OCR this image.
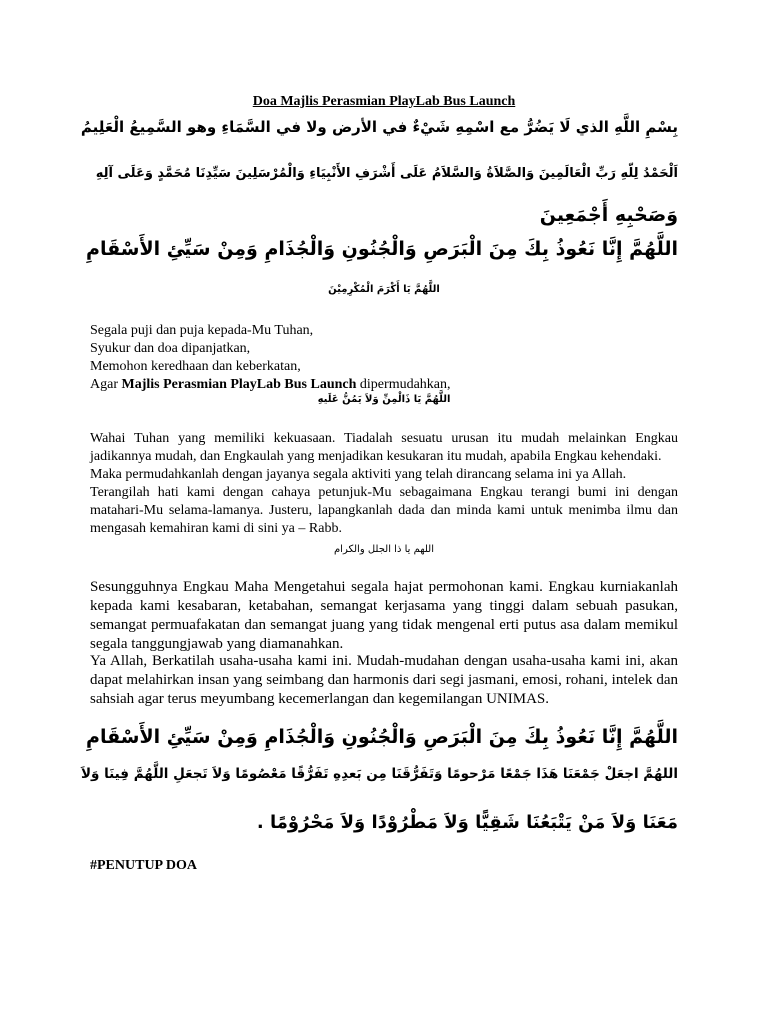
Doa Majlis Perasmian PlayLab Bus Launch
بِسْمِ اللَّهِ الذي لَا يَضُرُّ مع اسْمِهِ شَيْءٌ في الأرض ولا في السَّمَاءِ وهو السَّمِيعُ الْعَلِيمُ
اَلْحَمْدُ لِلّهِ رَبِّ الْعَالَمِينَ وَالصَّلاَةُ وَالسَّلاَمُ عَلَى أَشْرَفِ الأَنْبِيَاءِ وَالْمُرْسَلِينَ سَيِّدِنَا مُحَمَّدٍ وَعَلَى آلِهِ
وَصَحْبِهِ أَجْمَعِينَ
اللَّهُمَّ إِنَّا نَعُوذُ بِكَ مِنَ الْبَرَصِ وَالْجُنُونِ وَالْجُذَامِ وَمِنْ سَيِّئِ الأَسْقَامِ
اللَّهُمَّ يَا أَكْرَمَ الْمُكْرِمِيْنَ
Segala puji dan puja kepada-Mu Tuhan,
Syukur dan doa dipanjatkan,
Memohon keredhaan dan keberkatan,
Agar Majlis Perasmian PlayLab Bus Launch dipermudahkan,
اللَّهُمَّ يَا ذَالْمِنِّ وَلاَ يَمُنُّ عَلَيهِ
Wahai Tuhan yang memiliki kekuasaan. Tiadalah sesuatu urusan itu mudah melainkan Engkau jadikannya mudah, dan Engkaulah yang menjadikan kesukaran itu mudah, apabila Engkau kehendaki.
Maka permudahkanlah dengan jayanya segala aktiviti yang telah dirancang selama ini ya Allah.
Terangilah hati kami dengan cahaya petunjuk-Mu sebagaimana Engkau terangi bumi ini dengan matahari-Mu selama-lamanya. Justeru, lapangkanlah dada dan minda kami untuk menimba ilmu dan mengasah kemahiran kami di sini ya – Rabb.
اللهم يا ذا الجلل والكرام
Sesungguhnya Engkau Maha Mengetahui segala hajat permohonan kami. Engkau kurniakanlah kepada kami kesabaran, ketabahan, semangat kerjasama yang tinggi dalam sebuah pasukan, semangat permuafakatan dan semangat juang yang tidak mengenal erti putus asa dalam memikul segala tanggungjawab yang diamanahkan.
Ya Allah, Berkatilah usaha-usaha kami ini. Mudah-mudahan dengan usaha-usaha kami ini, akan dapat melahirkan insan yang seimbang dan harmonis dari segi jasmani, emosi, rohani, intelek dan sahsiah agar terus meyumbang kecemerlangan dan kegemilangan UNIMAS.
اللَّهُمَّ إِنَّا نَعُوذُ بِكَ مِنَ الْبَرَصِ وَالْجُنُونِ وَالْجُذَامِ وَمِنْ سَيِّئِ الأَسْقَامِ
اللهُمَّ اجعَلْ جَمْعَنَا هَذَا جَمْعًا مَرْحومًا وَتَفَرُّقَنَا مِن بَعدِهِ تَفَرُّقًا مَعْصُومًا وَلاَ تَجعَلِ اللَّهُمَّ فِينَا وَلاَ
مَعَنَا وَلاَ مَنْ يَتْبَعُنَا شَقِيًّا وَلاَ مَطْرُوْدًا وَلاَ مَحْرُوْمًا .
#PENUTUP DOA
